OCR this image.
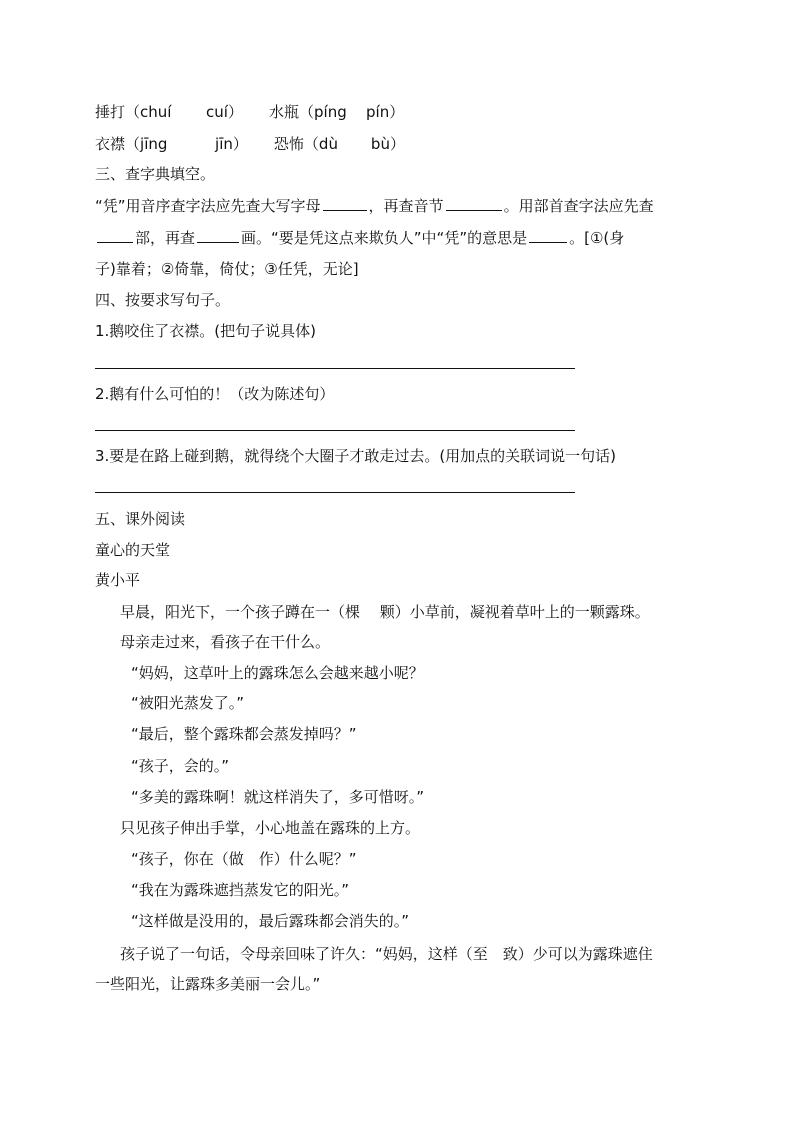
捶打（chuí cuí） 水瓶（píng pín）
衣襟（jīng	jīn） 恐怖（dù bù）
三、查字典填空。
“凭”用音序查字法应先查大写字母	，再查音节	。用部首查字法应先查
部，再查	画。“要是凭这点来欺负人”中“凭”的意思是	。[①(身
子)靠着；②倚靠，倚仗；③任凭，无论]
四、按要求写句子。
1.鹅咬住了衣襟。(把句子说具体)
2.鹅有什么可怕的！（改为陈述句）
3.要是在路上碰到鹅，就得绕个大圈子才敢走过去。(用加点的关联词说一句话)
五、课外阅读
童心的天堂
黄小平
早晨，阳光下，一个孩子蹲在一（棵　 颗）小草前，凝视着草叶上的一颗露珠。
母亲走过来，看孩子在干什么。
“妈妈，这草叶上的露珠怎么会越来越小呢？
“被阳光蒸发了。”
“最后，整个露珠都会蒸发掉吗？”
“孩子，会的。”
“多美的露珠啊！就这样消失了，多可惜呀。”
只见孩子伸出手掌，小心地盖在露珠的上方。
“孩子，你在（做　作）什么呢？”
“我在为露珠遮挡蒸发它的阳光。”
“这样做是没用的，最后露珠都会消失的。”
孩子说了一句话，令母亲回味了许久：“妈妈，这样（至　致）少可以为露珠遮住
一些阳光，让露珠多美丽一会儿。”
